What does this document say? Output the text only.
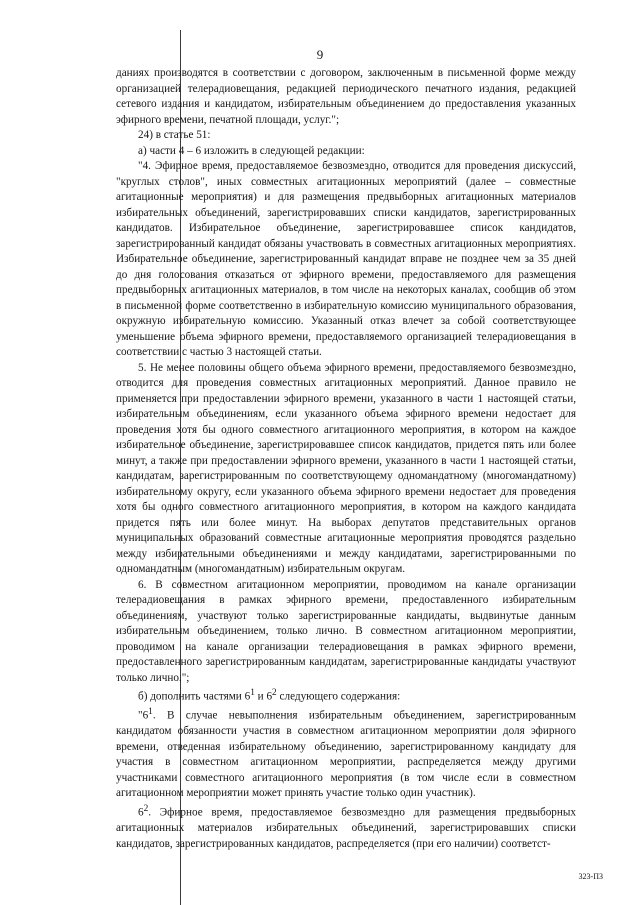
9

даниях производятся в соответствии с договором, заключенным в письменной форме между организацией телерадиовещания, редакцией периодического печатного издания, редакцией сетевого издания и кандидатом, избирательным объединением до предоставления указанных эфирного времени, печатной площади, услуг.";

24) в статье 51:

а) части 4 – 6 изложить в следующей редакции:

"4. Эфирное время, предоставляемое безвозмездно, отводится для проведения дискуссий, "круглых столов", иных совместных агитационных мероприятий (далее – совместные агитационные мероприятия) и для размещения предвыборных агитационных материалов избирательных объединений, зарегистрировавших списки кандидатов, зарегистрированных кандидатов. Избирательное объединение, зарегистрировавшее список кандидатов, зарегистрированный кандидат обязаны участвовать в совместных агитационных мероприятиях. Избирательное объединение, зарегистрированный кандидат вправе не позднее чем за 35 дней до дня голосования отказаться от эфирного времени, предоставляемого для размещения предвыборных агитационных материалов, в том числе на некоторых каналах, сообщив об этом в письменной форме соответственно в избирательную комиссию муниципального образования, окружную избирательную комиссию. Указанный отказ влечет за собой соответствующее уменьшение объема эфирного времени, предоставляемого организацией телерадиовещания в соответствии с частью 3 настоящей статьи.

5. Не менее половины общего объема эфирного времени, предоставляемого безвозмездно, отводится для проведения совместных агитационных мероприятий. Данное правило не применяется при предоставлении эфирного времени, указанного в части 1 настоящей статьи, избирательным объединениям, если указанного объема эфирного времени недостает для проведения хотя бы одного совместного агитационного мероприятия, в котором на каждое избирательное объединение, зарегистрировавшее список кандидатов, придется пять или более минут, а также при предоставлении эфирного времени, указанного в части 1 настоящей статьи, кандидатам, зарегистрированным по соответствующему одномандатному (многомандатному) избирательному округу, если указанного объема эфирного времени недостает для проведения хотя бы одного совместного агитационного мероприятия, в котором на каждого кандидата придется пять или более минут. На выборах депутатов представительных органов муниципальных образований совместные агитационные мероприятия проводятся раздельно между избирательными объединениями и между кандидатами, зарегистрированными по одномандатным (многомандатным) избирательным округам.

6. В совместном агитационном мероприятии, проводимом на канале организации телерадиовещания в рамках эфирного времени, предоставленного избирательным объединениям, участвуют только зарегистрированные кандидаты, выдвинутые данным избирательным объединением, только лично. В совместном агитационном мероприятии, проводимом на канале организации телерадиовещания в рамках эфирного времени, предоставленного зарегистрированным кандидатам, зарегистрированные кандидаты участвуют только лично.";

б) дополнить частями $6^1$ и $6^2$ следующего содержания:

"$6^1$. В случае невыполнения избирательным объединением, зарегистрированным кандидатом обязанности участия в совместном агитационном мероприятии доля эфирного времени, отведенная избирательному объединению, зарегистрированному кандидату для участия в совместном агитационном мероприятии, распределяется между другими участниками совместного агитационного мероприятия (в том числе если в совместном агитационном мероприятии может принять участие только один участник).

$6^2$. Эфирное время, предоставляемое безвозмездно для размещения предвыборных агитационных материалов избирательных объединений, зарегистрировавших списки кандидатов, зарегистрированных кандидатов, распределяется (при его наличии) соответст-

323-ПЗ
